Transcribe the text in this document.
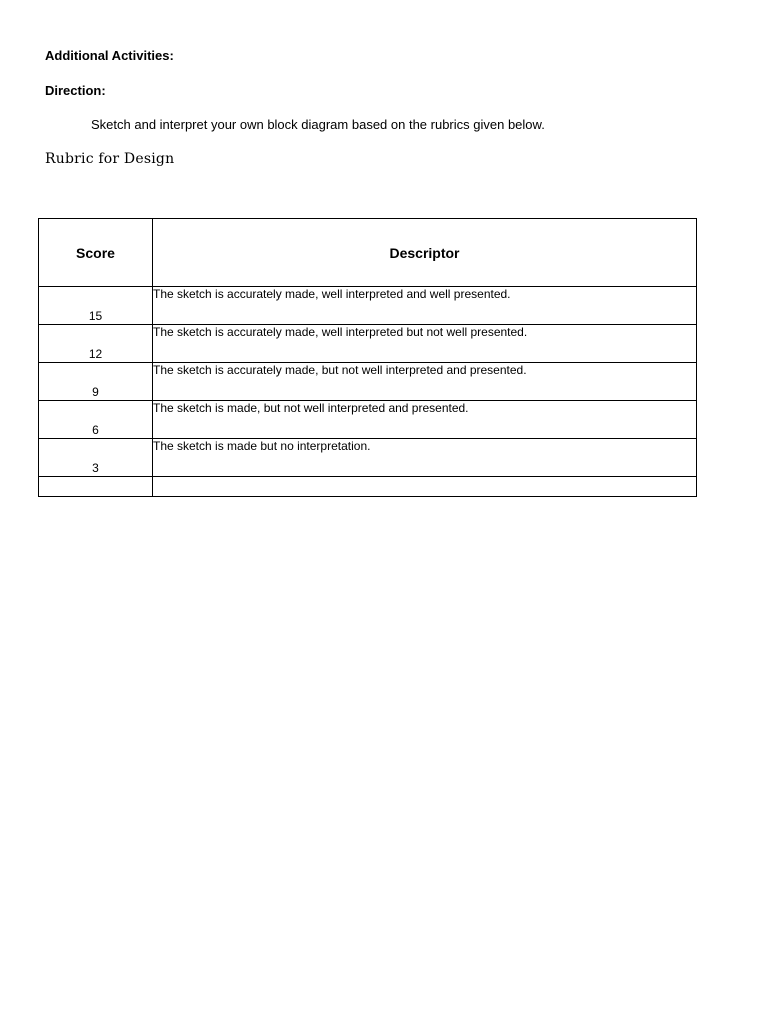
Additional Activities:
Direction:
Sketch and interpret your own block diagram based on the rubrics given below.
Rubric for Design
Score	Descriptor
15	The sketch is accurately made, well interpreted and well presented.
12	The sketch is accurately made, well interpreted but not well presented.
9	The sketch is accurately made, but not well interpreted and presented.
6	The sketch is made, but not well interpreted and presented.
3	The sketch is made but no interpretation.
